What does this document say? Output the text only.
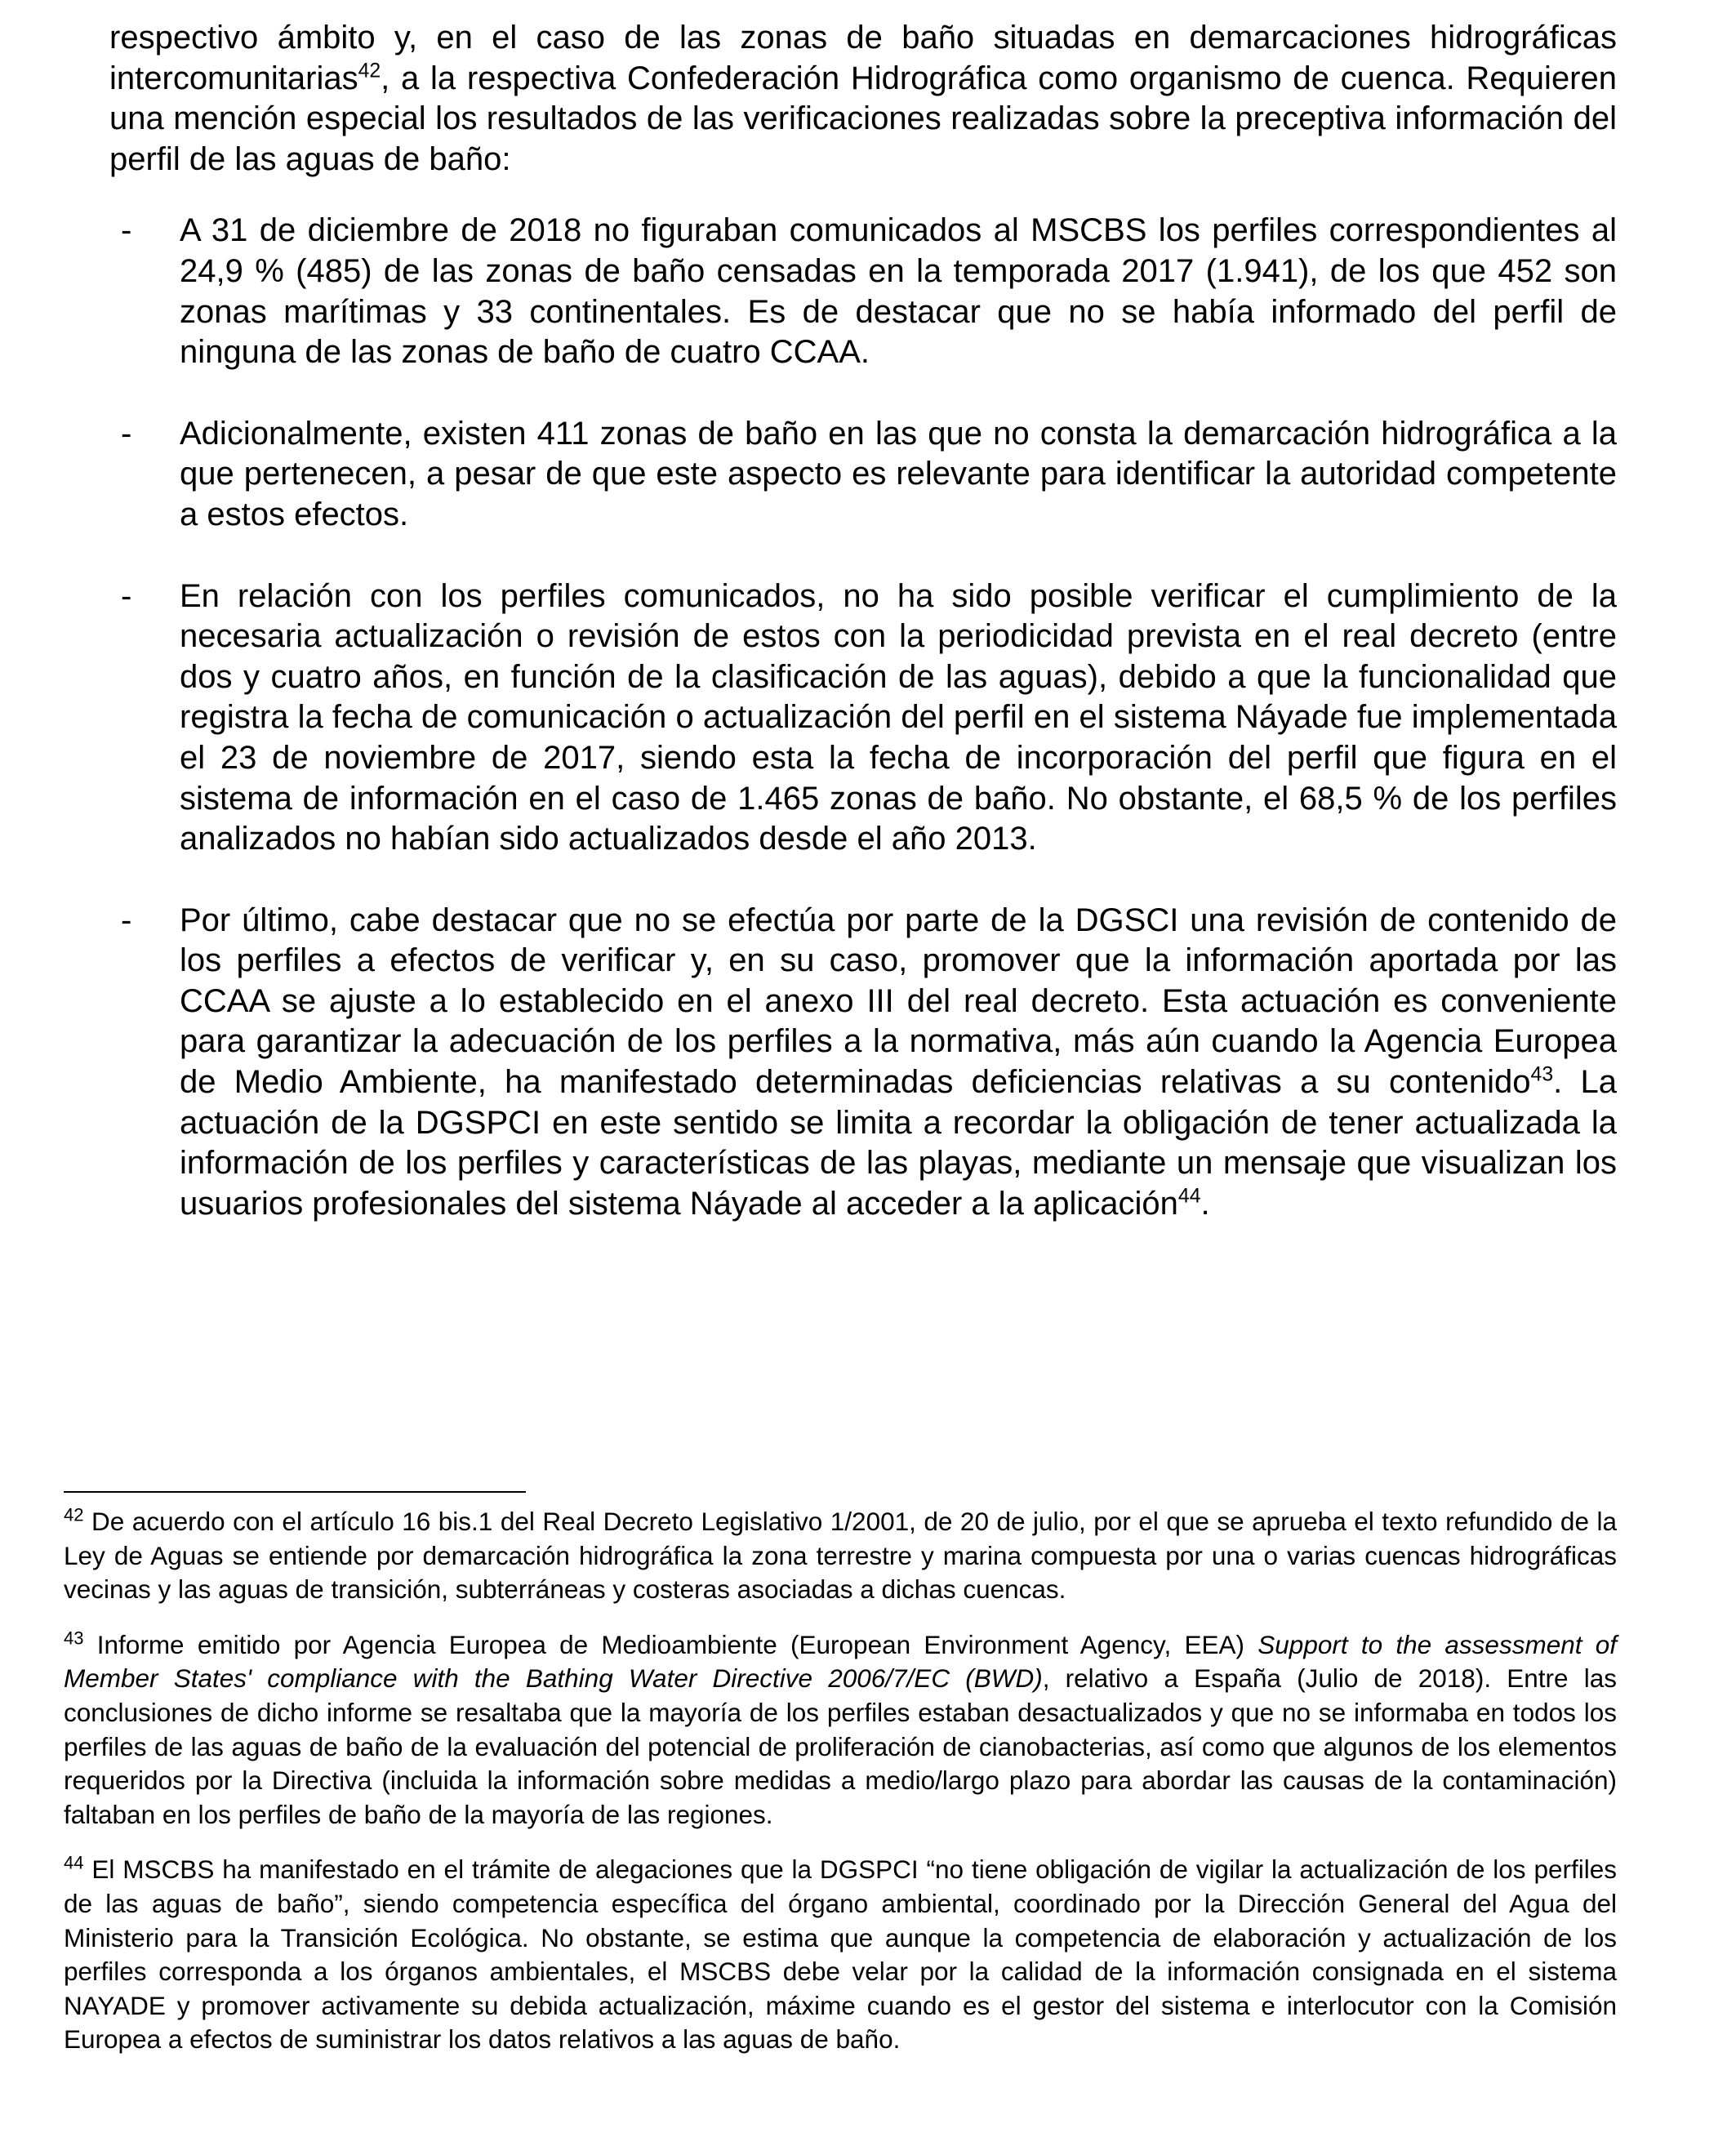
respectivo ámbito y, en el caso de las zonas de baño situadas en demarcaciones hidrográficas intercomunitarias$^{42}$, a la respectiva Confederación Hidrográfica como organismo de cuenca. Requieren una mención especial los resultados de las verificaciones realizadas sobre la preceptiva información del perfil de las aguas de baño:

- A 31 de diciembre de 2018 no figuraban comunicados al MSCBS los perfiles correspondientes al 24,9 % (485) de las zonas de baño censadas en la temporada 2017 (1.941), de los que 452 son zonas marítimas y 33 continentales. Es de destacar que no se había informado del perfil de ninguna de las zonas de baño de cuatro CCAA.
- Adicionalmente, existen 411 zonas de baño en las que no consta la demarcación hidrográfica a la que pertenecen, a pesar de que este aspecto es relevante para identificar la autoridad competente a estos efectos.
- En relación con los perfiles comunicados, no ha sido posible verificar el cumplimiento de la necesaria actualización o revisión de estos con la periodicidad prevista en el real decreto (entre dos y cuatro años, en función de la clasificación de las aguas), debido a que la funcionalidad que registra la fecha de comunicación o actualización del perfil en el sistema Náyade fue implementada el 23 de noviembre de 2017, siendo esta la fecha de incorporación del perfil que figura en el sistema de información en el caso de 1.465 zonas de baño. No obstante, el 68,5 % de los perfiles analizados no habían sido actualizados desde el año 2013.
- Por último, cabe destacar que no se efectúa por parte de la DGSCI una revisión de contenido de los perfiles a efectos de verificar y, en su caso, promover que la información aportada por las CCAA se ajuste a lo establecido en el anexo III del real decreto. Esta actuación es conveniente para garantizar la adecuación de los perfiles a la normativa, más aún cuando la Agencia Europea de Medio Ambiente, ha manifestado determinadas deficiencias relativas a su contenido$^{43}$. La actuación de la DGSPCI en este sentido se limita a recordar la obligación de tener actualizada la información de los perfiles y características de las playas, mediante un mensaje que visualizan los usuarios profesionales del sistema Náyade al acceder a la aplicación$^{44}$.

$^{42}$ De acuerdo con el artículo 16 bis.1 del Real Decreto Legislativo 1/2001, de 20 de julio, por el que se aprueba el texto refundido de la Ley de Aguas se entiende por demarcación hidrográfica la zona terrestre y marina compuesta por una o varias cuencas hidrográficas vecinas y las aguas de transición, subterráneas y costeras asociadas a dichas cuencas.

$^{43}$ Informe emitido por Agencia Europea de Medioambiente (European Environment Agency, EEA) Support to the assessment of Member States' compliance with the Bathing Water Directive 2006/7/EC (BWD), relativo a España (Julio de 2018). Entre las conclusiones de dicho informe se resaltaba que la mayoría de los perfiles estaban desactualizados y que no se informaba en todos los perfiles de las aguas de baño de la evaluación del potencial de proliferación de cianobacterias, así como que algunos de los elementos requeridos por la Directiva (incluida la información sobre medidas a medio/largo plazo para abordar las causas de la contaminación) faltaban en los perfiles de baño de la mayoría de las regiones.

$^{44}$ El MSCBS ha manifestado en el trámite de alegaciones que la DGSPCI “no tiene obligación de vigilar la actualización de los perfiles de las aguas de baño”, siendo competencia específica del órgano ambiental, coordinado por la Dirección General del Agua del Ministerio para la Transición Ecológica. No obstante, se estima que aunque la competencia de elaboración y actualización de los perfiles corresponda a los órganos ambientales, el MSCBS debe velar por la calidad de la información consignada en el sistema NAYADE y promover activamente su debida actualización, máxime cuando es el gestor del sistema e interlocutor con la Comisión Europea a efectos de suministrar los datos relativos a las aguas de baño.
